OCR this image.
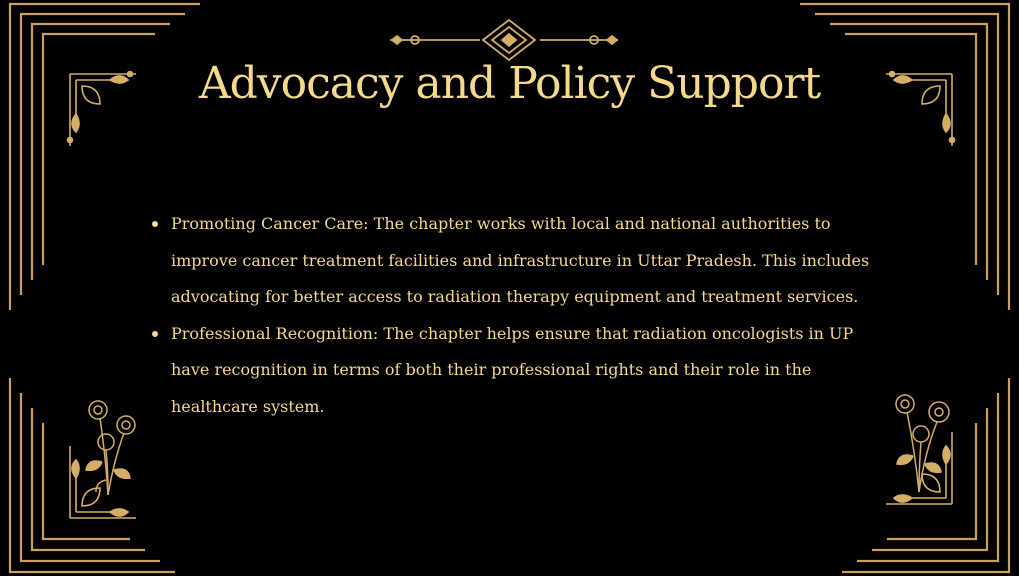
Advocacy and Policy Support
Promoting Cancer Care: The chapter works with local and national authorities to improve cancer treatment facilities and infrastructure in Uttar Pradesh. This includes advocating for better access to radiation therapy equipment and treatment services.
Professional Recognition: The chapter helps ensure that radiation oncologists in UP have recognition in terms of both their professional rights and their role in the healthcare system.
